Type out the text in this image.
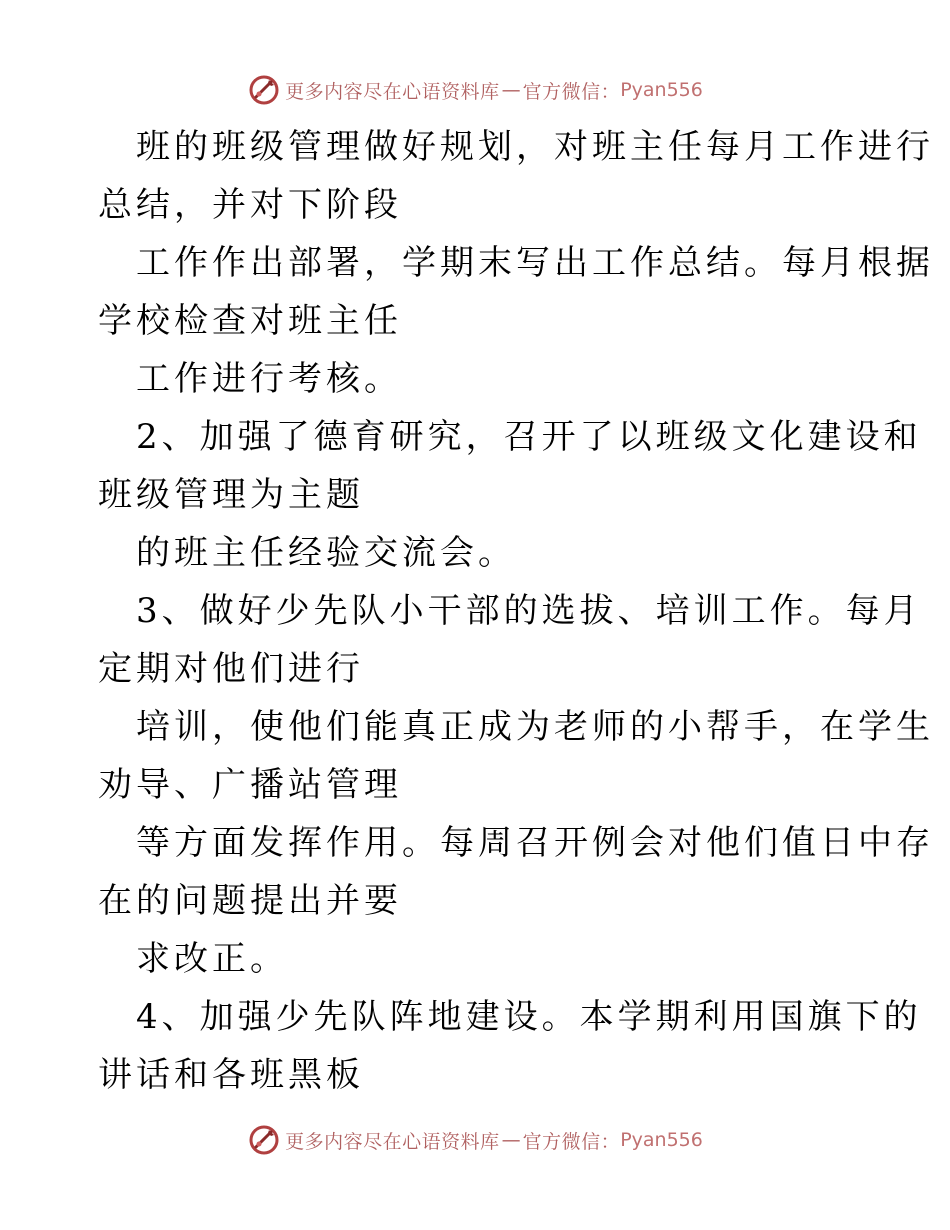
更多内容尽在心语资料库 — 官方微信： Pyan556

班的班级管理做好规划，对班主任每月工作进行

总结，并对下阶段

工作作出部署，学期末写出工作总结。每月根据

学校检查对班主任

工作进行考核。

2、加强了德育研究，召开了以班级文化建设和

班级管理为主题

的班主任经验交流会。

3、做好少先队小干部的选拔、培训工作。每月

定期对他们进行

培训，使他们能真正成为老师的小帮手，在学生

劝导、广播站管理

等方面发挥作用。每周召开例会对他们值日中存

在的问题提出并要

求改正。

4、加强少先队阵地建设。本学期利用国旗下的

讲话和各班黑板

更多内容尽在心语资料库 — 官方微信： Pyan556
